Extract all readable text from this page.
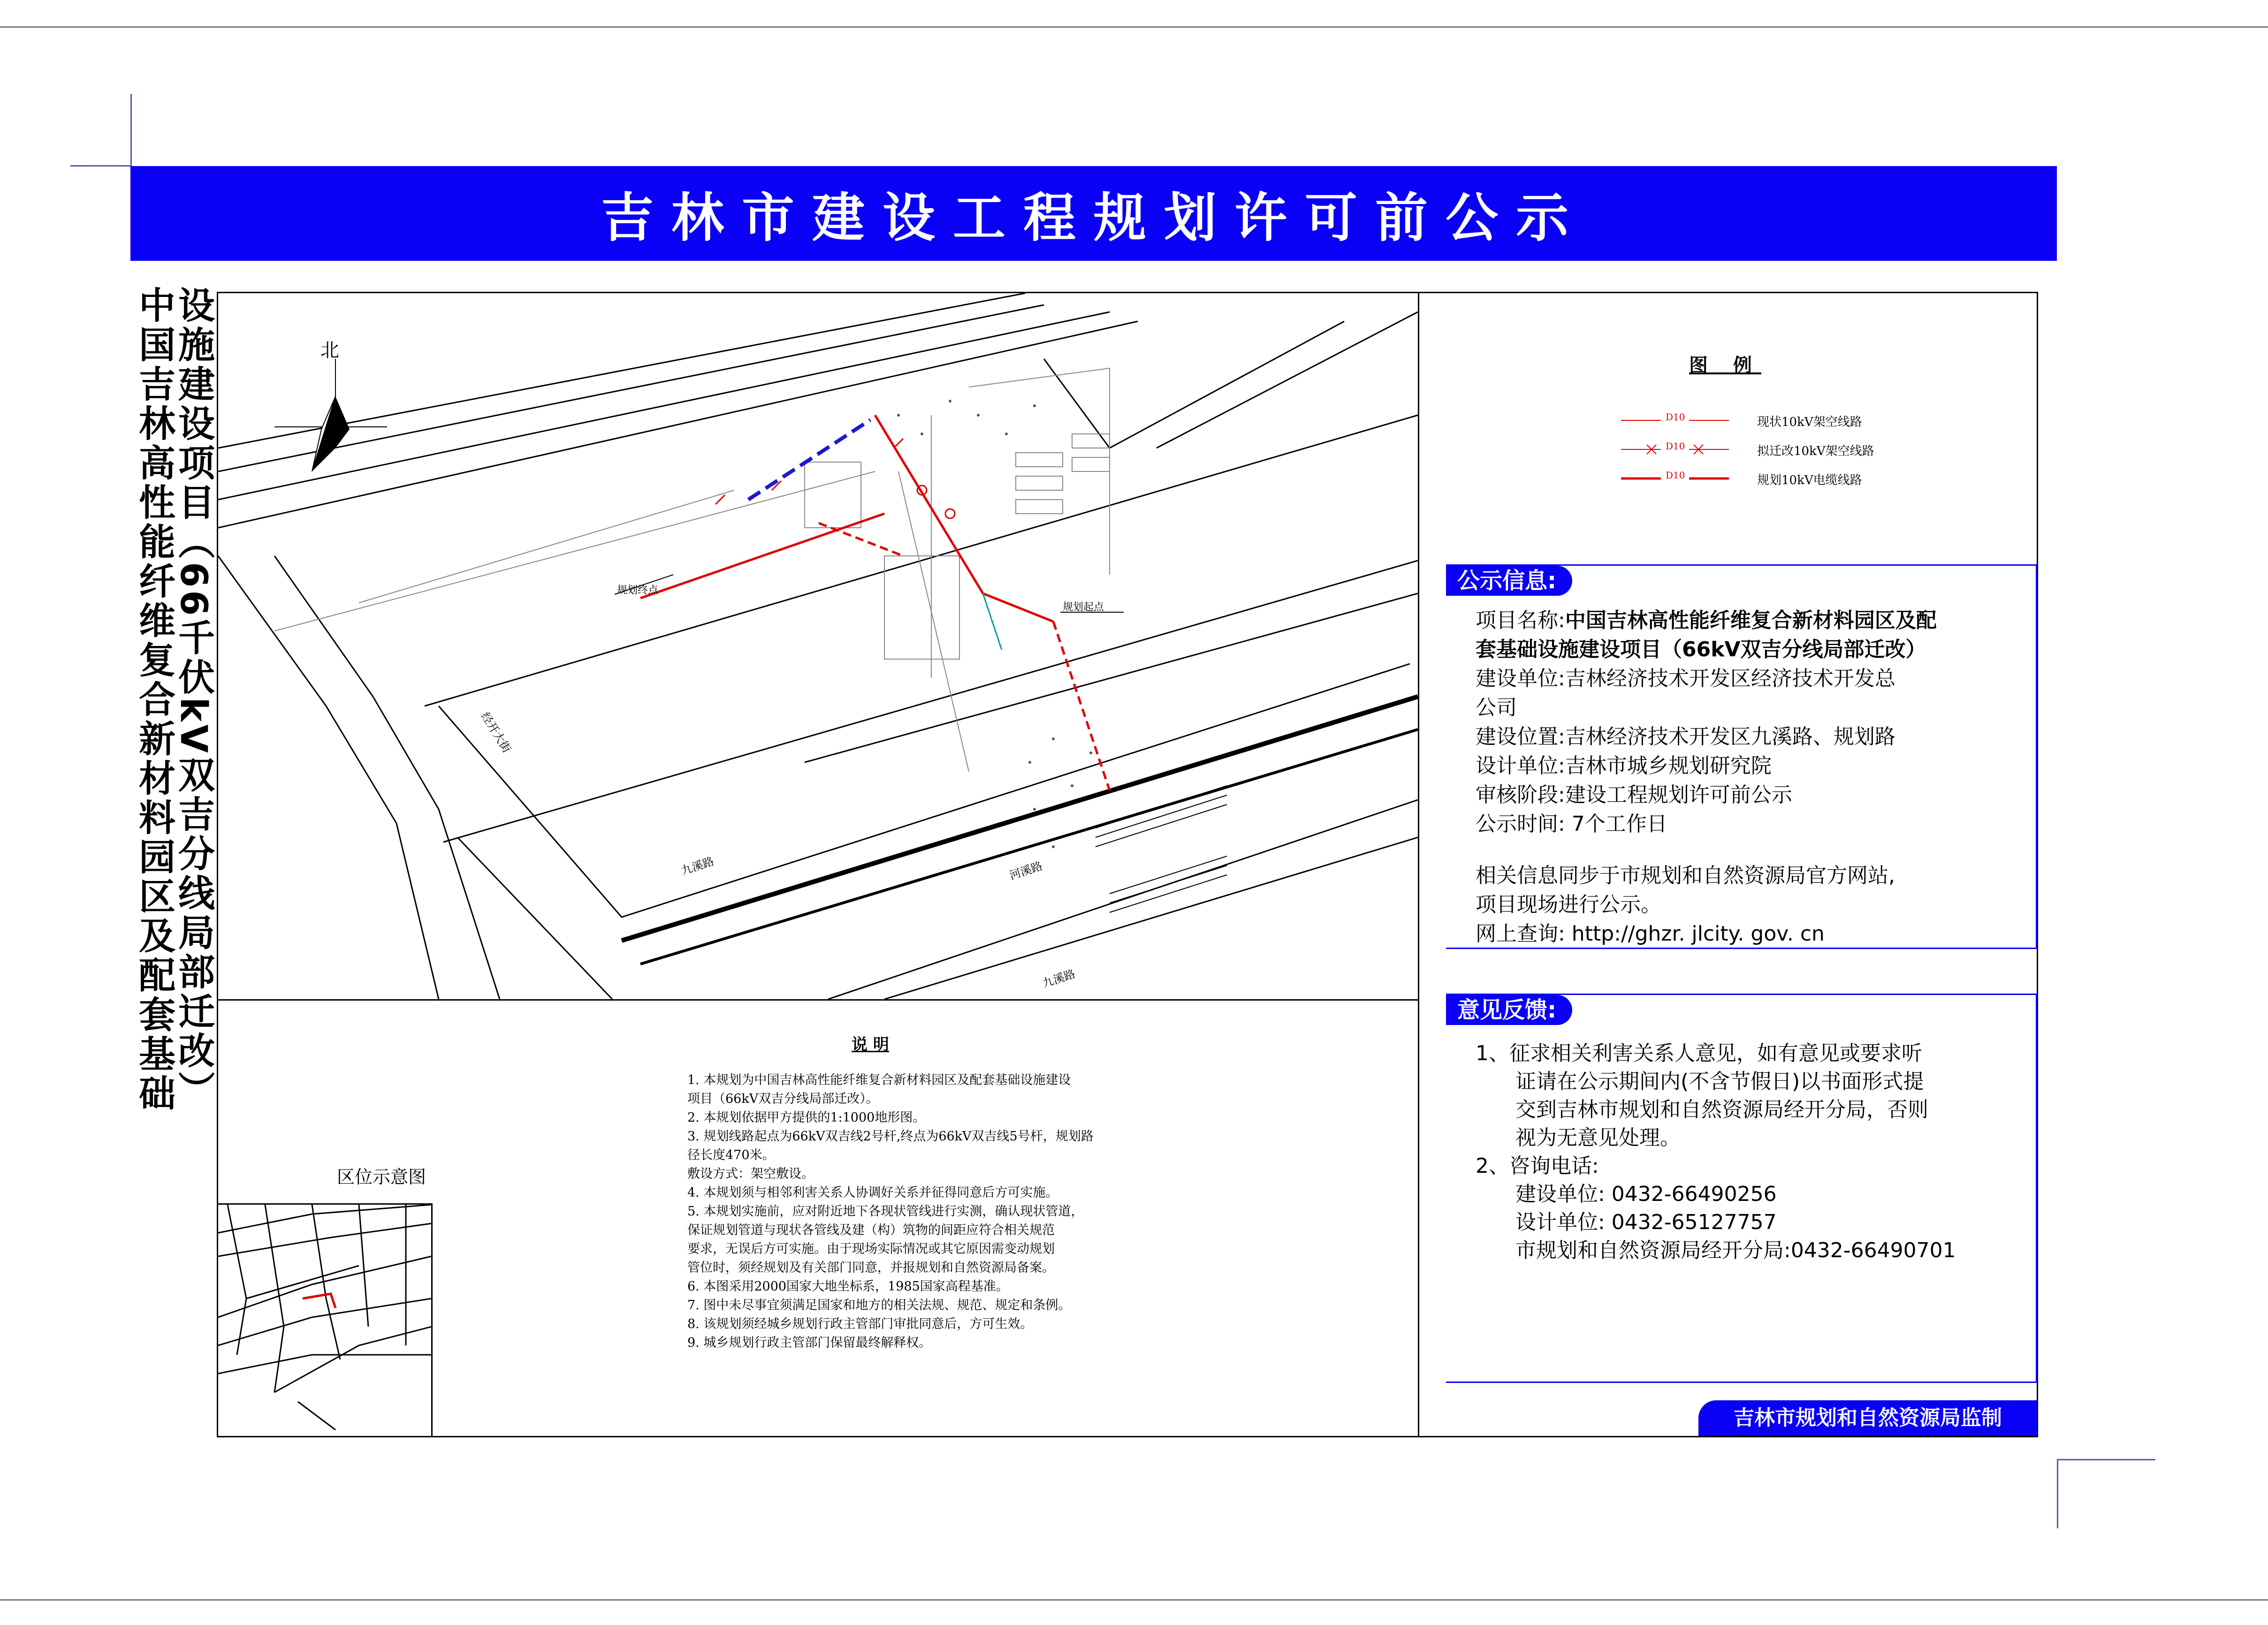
吉林市建设工程规划许可前公示
设施建设项目（66千伏kV双吉分线局部迁改）
中国吉林高性能纤维复合新材料园区及配套基础	北
规划终点
规划起点
九溪路	河溪路
九溪路
经开大街
图 例
D10	现状10kV架空线路
D10	拟迁改10kV架空线路
D10	规划10kV电缆线路
公示信息:
项目名称:中国吉林高性能纤维复合新材料园区及配
套基础设施建设项目（66kV双吉分线局部迁改）
建设单位:吉林经济技术开发区经济技术开发总
公司
建设位置:吉林经济技术开发区九溪路、规划路
设计单位:吉林市城乡规划研究院
审核阶段:建设工程规划许可前公示
公示时间: 7个工作日
相关信息同步于市规划和自然资源局官方网站,
项目现场进行公示。
网上查询: http://ghzr. jlcity. gov. cn
意见反馈:
1、征求相关利害关系人意见，如有意见或要求听
证请在公示期间内(不含节假日)以书面形式提
交到吉林市规划和自然资源局经开分局，否则
视为无意见处理。
2、咨询电话:
建设单位: 0432-66490256
设计单位: 0432-65127757
市规划和自然资源局经开分局:0432-66490701
吉林市规划和自然资源局监制
说 明
1. 本规划为中国吉林高性能纤维复合新材料园区及配套基础设施建设
项目（66kV双吉分线局部迁改）。
2. 本规划依据甲方提供的1:1000地形图。
3. 规划线路起点为66kV双吉线2号杆,终点为66kV双吉线5号杆，规划路
径长度470米。
敷设方式：架空敷设。
4. 本规划须与相邻利害关系人协调好关系并征得同意后方可实施。
5. 本规划实施前，应对附近地下各现状管线进行实测，确认现状管道，
保证规划管道与现状各管线及建（构）筑物的间距应符合相关规范
要求，无误后方可实施。由于现场实际情况或其它原因需变动规划
管位时，须经规划及有关部门同意，并报规划和自然资源局备案。
6. 本图采用2000国家大地坐标系，1985国家高程基准。
7. 图中未尽事宜须满足国家和地方的相关法规、规范、规定和条例。
8. 该规划须经城乡规划行政主管部门审批同意后，方可生效。
9. 城乡规划行政主管部门保留最终解释权。
区位示意图
